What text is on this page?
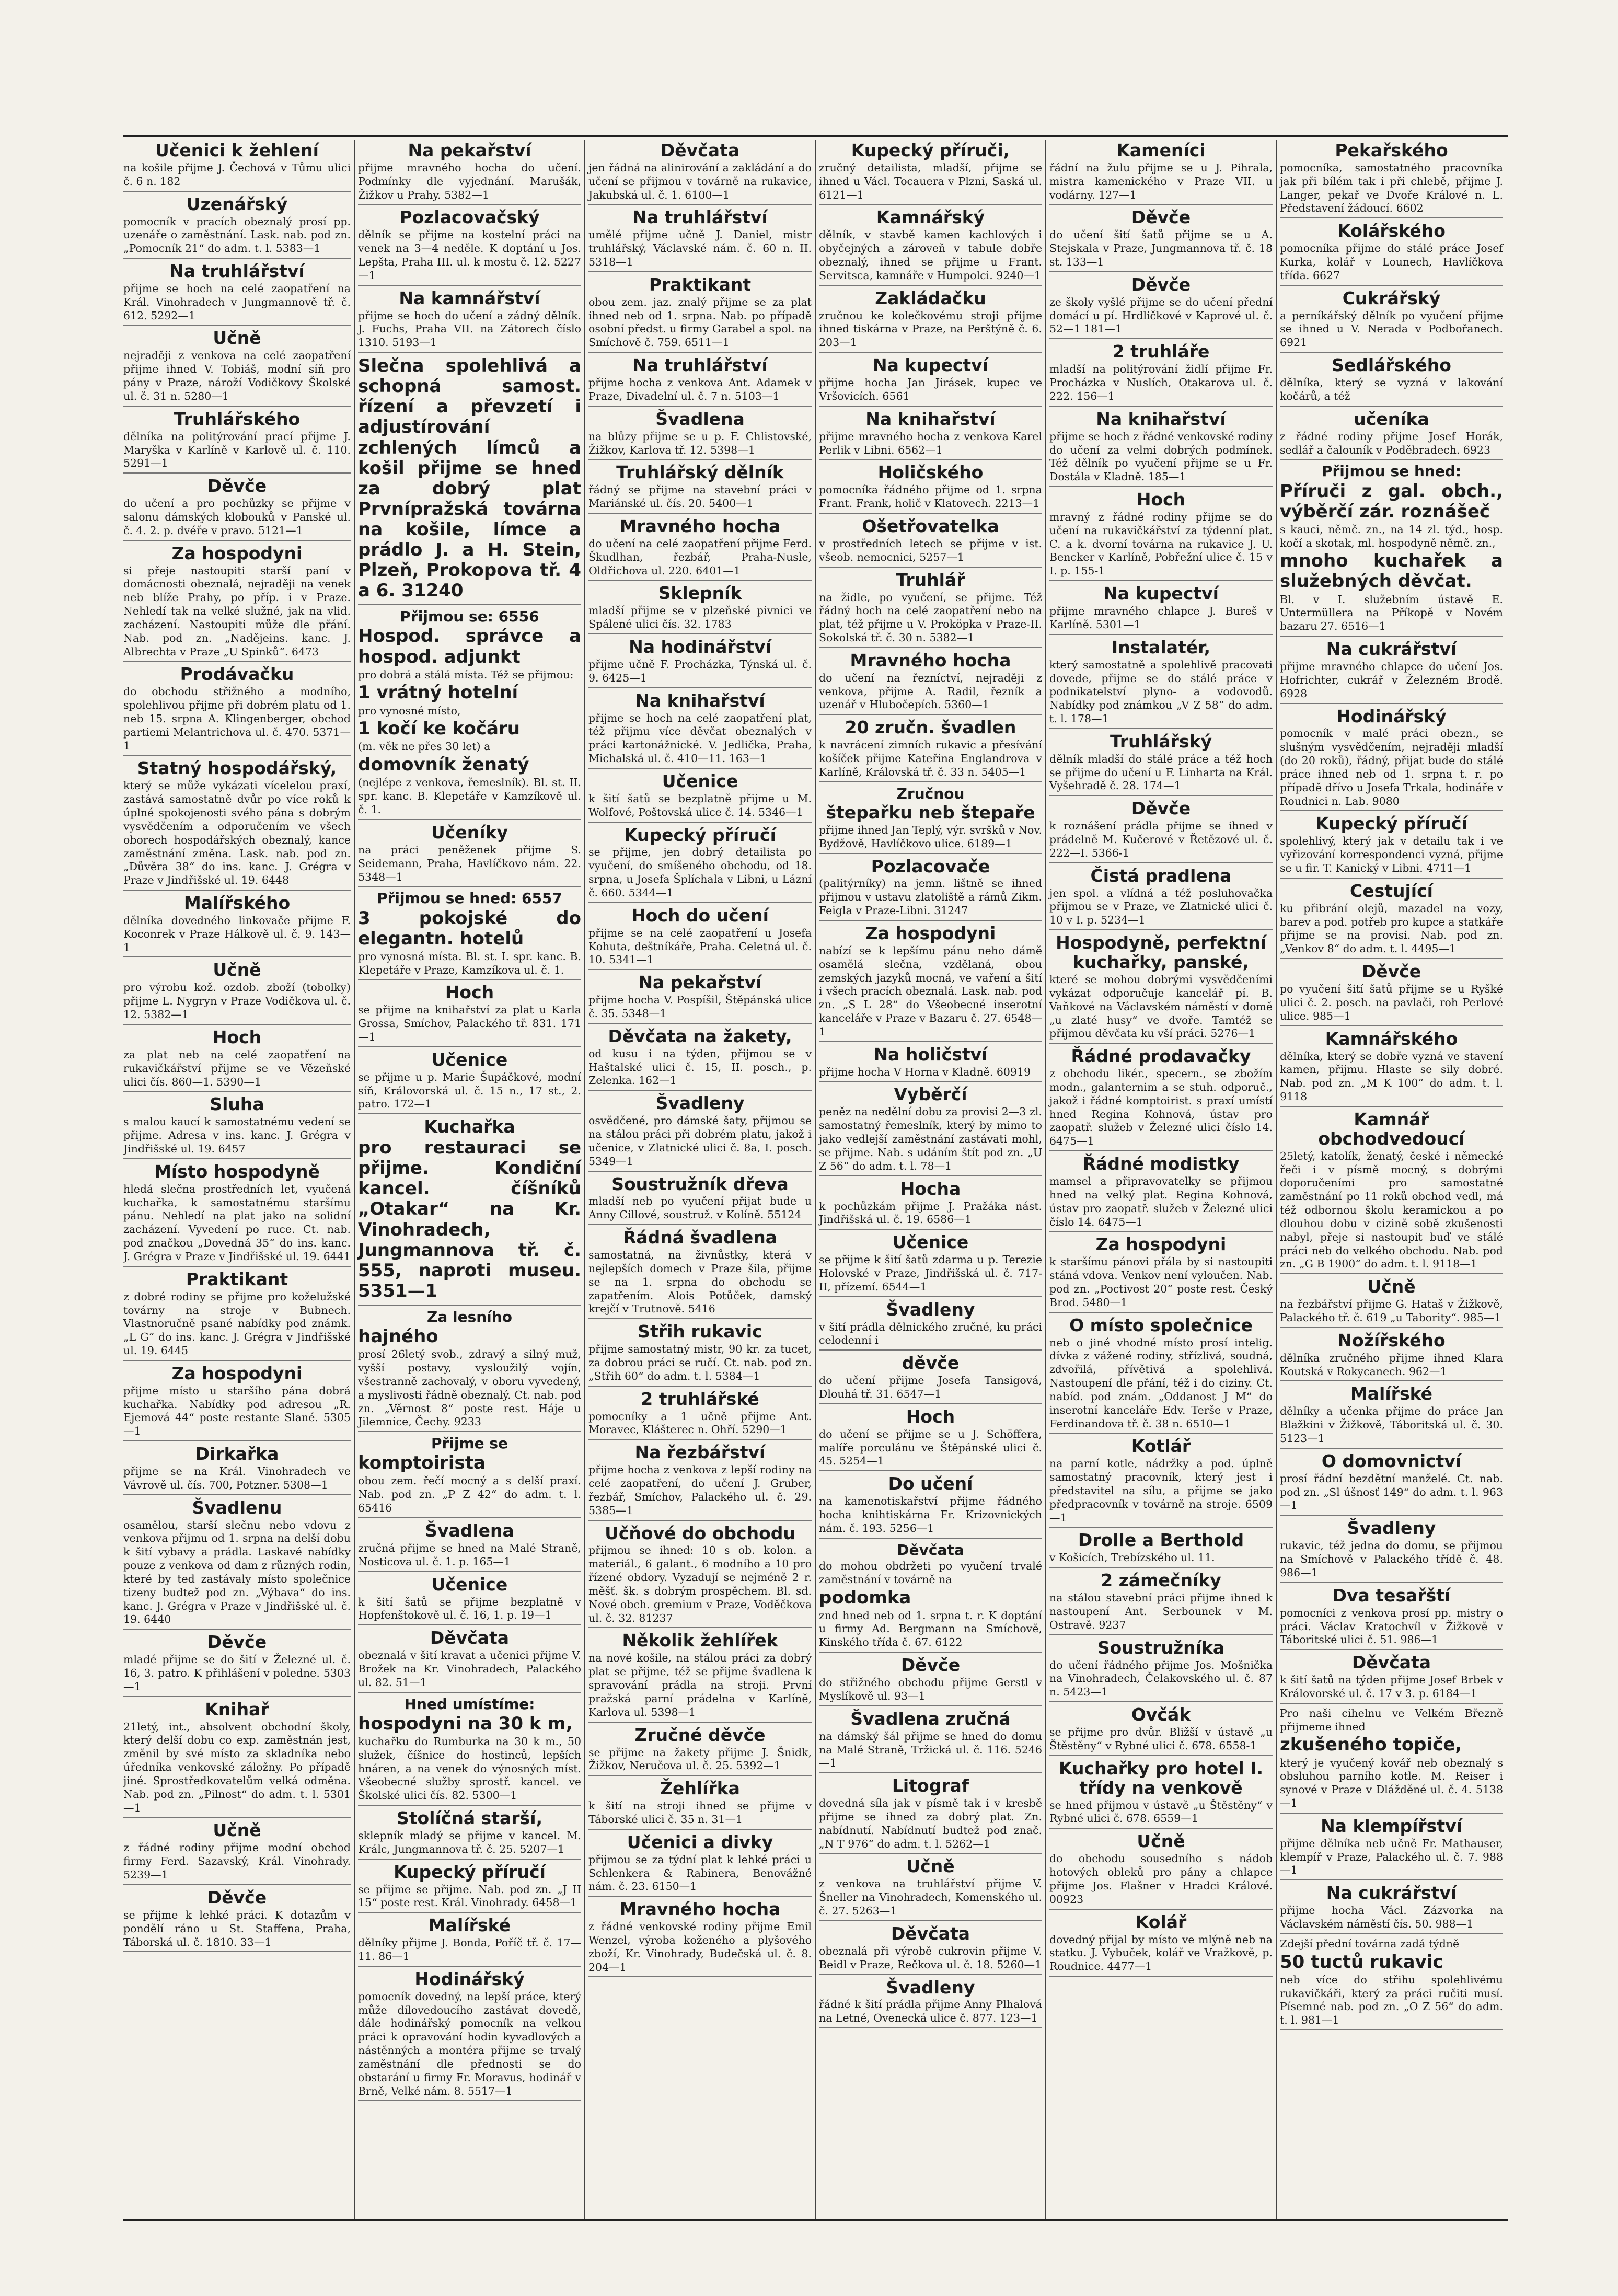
Učenici k žehlení

na košile přijme J. Čechová v Tůmu ulici č. 6 n. 182

Uzenářský

pomocník v pracích obeznalý prosí pp. uzenáře o zaměstnání. Lask. nab. pod zn. „Pomocník 21“ do adm. t. l. 5383—1

Na truhlářství

přijme se hoch na celé zaopatření na Král. Vinohradech v Jungmannově tř. č. 612. 5292—1

Učně

nejraději z venkova na celé zaopatření přijme ihned V. Tobiáš, modní síň pro pány v Praze, nároží Vodičkovy Školské ul. č. 31 n. 5280—1

Truhlářského

dělníka na politýrování prací přijme J. Maryška v Karlíně v Karlově ul. č. 110. 5291—1

Děvče

do učení a pro pochůzky se přijme v salonu dámských klobouků v Panské ul. č. 4. 2. p. dvéře v pravo. 5121—1

Za hospodyni

si přeje nastoupiti starší paní v domácnosti obeznalá, nejraději na venek neb blíže Prahy, po příp. i v Praze. Nehledí tak na velké služné, jak na vlid. zacházení. Nastoupiti může dle přání. Nab. pod zn. „Nadějeins. kanc. J. Albrechta v Praze „U Spinků“. 6473

Prodávačku

do obchodu střižného a modního, spolehlivou přijme při dobrém platu od 1. neb 15. srpna A. Klingenberger, obchod partiemi Melantrichova ul. č. 470. 5371—1

Statný hospodářský,

který se může vykázati vícelelou praxí, zastává samostatně dvůr po více roků k úplné spokojenosti svého pána s dobrým vysvědčením a odporučením ve všech oborech hospodářských obeznalý, kance zaměstnání změna. Lask. nab. pod zn. „Důvěra 38“ do ins. kanc. J. Grégra v Praze v Jindřišské ul. 19. 6448

Malířského

dělníka dovedného linkovače přijme F. Koconrek v Praze Hálkově ul. č. 9. 143—1

Učně

pro výrobu kož. ozdob. zboží (tobolky) přijme L. Nygryn v Praze Vodičkova ul. č. 12. 5382—1

Hoch

za plat neb na celé zaopatření na rukavičkářství přijme se ve Vězeňské ulici čís. 860—1. 5390—1

Sluha

s malou kaucí k samostatnému vedení se přijme. Adresa v ins. kanc. J. Grégra v Jindřišské ul. 19. 6457

Místo hospodyně

hledá slečna prostředních let, vyučená kuchařka, k samostatnému staršímu pánu. Nehledí na plat jako na solidní zacházení. Vyvedení po ruce. Ct. nab. pod značkou „Dovedná 35“ do ins. kanc. J. Grégra v Praze v Jindřišské ul. 19. 6441

Praktikant

z dobré rodiny se přijme pro koželužské továrny na stroje v Bubnech. Vlastnoručně psané nabídky pod známk. „L G“ do ins. kanc. J. Grégra v Jindřišské ul. 19. 6445

Za hospodyni

přijme místo u staršího pána dobrá kuchařka. Nabídky pod adresou „R. Ejemová 44“ poste restante Slané. 5305—1

Dirkařka

přijme se na Král. Vinohradech ve Vávrově ul. čís. 700, Potzner. 5308—1

Švadlenu

osamělou, starší slečnu nebo vdovu z venkova přijmu od 1. srpna na delší dobu k šití vybavy a prádla. Laskavé nabídky pouze z venkova od dam z různých rodin, které by ted zastávaly místo společnice tizeny budtež pod zn. „Výbava“ do ins. kanc. J. Grégra v Praze v Jindřišské ul. č. 19. 6440

Děvče

mladé přijme se do šití v Železné ul. č. 16, 3. patro. K přihlášení v poledne. 5303—1

Knihař

21letý, int., absolvent obchodní školy, který delší dobu co exp. zaměstnán jest, změnil by své místo za skladníka nebo úředníka venkovské záložny. Po případě jiné. Sprostředkovatelům velká odměna. Nab. pod zn. „Pilnost“ do adm. t. l. 5301—1

Učně

z řádné rodiny přijme modní obchod firmy Ferd. Sazavský, Král. Vinohrady. 5239—1

Děvče

se přijme k lehké práci. K dotazům v pondělí ráno u St. Staffena, Praha, Táborská ul. č. 1810. 33—1

Na pekařství

přijme mravného hocha do učení. Podmínky dle vyjednání. Marušák, Žižkov u Prahy. 5382—1

Pozlacovačský

dělník se přijme na kostelní práci na venek na 3—4 neděle. K doptání u Jos. Lepšta, Praha III. ul. k mostu č. 12. 5227—1

Na kamnářství

přijme se hoch do učení a zádný dělník. J. Fuchs, Praha VII. na Zátorech číslo 1310. 5193—1

Slečna spolehlivá a schopná samost. řízení a převzetí i adjustírování zchlených límců a košil přijme se hned za dobrý plat Prvnípražská továrna na košile, límce a prádlo J. a H. Stein, Plzeň, Prokopova tř. 4 a 6. 31240

Přijmou se: 6556

Hospod. správce a hospod. adjunkt

pro dobrá a stálá místa. Též se přijmou:

1 vrátný hotelní

pro vynosné místo,

1 kočí ke kočáru

(m. věk ne přes 30 let) a

domovník ženatý

(nejlépe z venkova, řemeslník). Bl. st. II. spr. kanc. B. Klepetáře v Kamzíkově ul. č. 1.

Učeníky

na práci peněženek přijme S. Seidemann, Praha, Havlíčkovo nám. 22. 5348—1

Přijmou se hned: 6557

3 pokojské do elegantn. hotelů

pro vynosná místa. Bl. st. I. spr. kanc. B. Klepetáře v Praze, Kamzíkova ul. č. 1.

Hoch

se přijme na knihařství za plat u Karla Grossa, Smíchov, Palackého tř. 831. 171—1

Učenice

se přijme u p. Marie Šupáčkové, modní síň, Královorská ul. č. 15 n., 17 st., 2. patro. 172—1

Kuchařka

pro restauraci se přijme. Kondiční kancel. číšníků „Otakar“ na Kr. Vinohradech, Jungmannova tř. č. 555, naproti museu. 5351—1

Za lesního

hajného

prosí 26letý svob., zdravý a silný muž, vyšší postavy, vysloužilý vojín, všestranně zachovalý, v oboru vyvedený, a myslivosti řádně obeznalý. Ct. nab. pod zn. „Věrnost 8“ poste rest. Háje u Jilemnice, Čechy. 9233

Přijme se

komptoiristа

obou zem. řečí mocný a s delší praxí. Nab. pod zn. „P Z 42“ do adm. t. l. 65416

Švadlena

zručná přijme se hned na Malé Straně, Nosticova ul. č. 1. p. 165—1

Učenice

k šití šatů se přijme bezplatně v Hopfenštokově ul. č. 16, 1. p. 19—1

Děvčata

obeznalá v šití kravat a učenici přijme V. Brožek na Kr. Vinohradech, Palackého ul. 82. 51—1

Hned umístíme:

hospodyni na 30 k m,

kuchařku do Rumburka na 30 k m., 50 služek, číšnice do hostinců, lepších hnáren, a na venek do výnosných míst. Všeobecné služby sprostř. kancel. ve Školské ulici čís. 82. 5300—1

Stolíčná starší,

sklepník mladý se přijme v kancel. M. Králc, Jungmannova tř. č. 25. 5207—1

Kupecký příručí

se přijme se přijme. Nab. pod zn. „J II 15“ poste rest. Král. Vinohrady. 6458—1

Malířské

dělníky přijme J. Bonda, Poříč tř. č. 17—11. 86—1

Hodinářský

pomocník dovedný, na lepší práce, který může dílovedoucího zastávat dovedě, dále hodinářský pomocník na velkou práci k opravování hodin kyvadlových a nástěnných a montéra přijme se trvalý zaměstnání dle přednosti se do obstarání u firmy Fr. Moravus, hodinář v Brně, Velké nám. 8. 5517—1

Děvčata

jen řádná na alinirování a zakládání a do učení se přijmou v továrně na rukavice, Jakubská ul. č. 1. 6100—1

Na truhlářství

umělé přijme učně J. Daniel, mistr truhlářský, Václavské nám. č. 60 n. II. 5318—1

Praktikant

obou zem. jaz. znalý přijme se za plat ihned neb od 1. srpna. Nab. po případě osobní předst. u firmy Garabel a spol. na Smíchově č. 759. 6511—1

Na truhlářství

přijme hocha z venkova Ant. Adamek v Praze, Divadelní ul. č. 7 n. 5103—1

Švadlena

na blůzy přijme se u p. F. Chlistovské, Žižkov, Karlova tř. 12. 5398—1

Truhlářský dělník

řádný se přijme na stavební práci v Mariánské ul. čís. 20. 5400—1

Mravného hocha

do učení na celé zaopatření přijme Ferd. Škudlhan, řezbář, Praha-Nusle, Oldřichova ul. 220. 6401—1

Sklepník

mladší přijme se v plzeňské pivnici ve Spálené ulici čís. 32. 1783

Na hodinářství

přijme učně F. Procházka, Týnská ul. č. 9. 6425—1

Na knihařství

přijme se hoch na celé zaopatření plat, též přijmu více děvčat obeznalých v práci kartonážnické. V. Jedlička, Praha, Michalská ul. č. 410—11. 163—1

Učenice

k šití šatů se bezplatně přijme u M. Wolfové, Poštovská ulice č. 14. 5346—1

Kupecký příručí

se přijme, jen dobrý detailista po vyučení, do smíšeného obchodu, od 18. srpna, u Josefa Šplíchala v Libni, u Lázní č. 660. 5344—1

Hoch do učení

přijme se na celé zaopatření u Josefa Kohuta, deštníkáře, Praha. Celetná ul. č. 10. 5341—1

Na pekařství

přijme hocha V. Pospíšil, Štěpánská ulice č. 35. 5348—1

Děvčata na žakety,

od kusu i na týden, přijmou se v Haštalské ulici č. 15, II. posch., p. Zelenka. 162—1

Švadleny

osvědčené, pro dámské šaty, přijmou se na stálou práci při dobrém platu, jakož i učenice, v Zlatnické ulici č. 8a, I. posch. 5349—1

Soustružník dřeva

mladší neb po vyučení přijat bude u Anny Cillové, soustruž. v Kolíně. 55124

Řádná švadlena

samostatná, na živnůstky, která v nejlepších domech v Praze šila, přijme se na 1. srpna do obchodu se zapatřením. Alois Potůček, damský krejčí v Trutnově. 5416

Střih rukavic

přijme samostatný mistr, 90 kr. za tucet, za dobrou práci se ručí. Ct. nab. pod zn. „Střih 60“ do adm. t. l. 5384—1

2 truhlářské

pomocníky a 1 učně přijme Ant. Moravec, Klášterec n. Ohří. 5290—1

Na řezbářství

přijme hocha z venkova z lepší rodiny na celé zaopatření, do učení J. Gruber, řezbář, Smíchov, Palackého ul. č. 29. 5385—1

Učňové do obchodu

přijmou se ihned: 10 s ob. kolon. a materiál., 6 galant., 6 modního a 10 pro řízené obdory. Vyzadují se nejméně 2 r. měšť. šk. s dobrým prospěchem. Bl. sd. Nové obch. gremium v Praze, Voděčkova ul. č. 32. 81237

Několik žehlířek

na nové košile, na stálou práci za dobrý plat se přijme, též se přijme švadlena k spravování prádla na stroji. První pražská parní prádelna v Karlíně, Karlova ul. 5398—1

Zručné děvče

se přijme na žakety přijme J. Šnidk, Žižkov, Neručova ul. č. 25. 5392—1

Žehlířka

k šití na stroji ihned se přijme v Táborské ulici č. 35 n. 31—1

Učenici a divky

přijmou se za týdní plat k lehké práci u Schlenkera & Rabinera, Benovážné nám. č. 23. 6150—1

Mravného hocha

z řádné venkovské rodiny přijme Emil Wenzel, výroba koženého a plyšového zboží, Kr. Vinohrady, Budečská ul. č. 8. 204—1

Kupecký příruči,

zručný detailista, mladší, přijme se ihned u Václ. Tocauera v Plzni, Saská ul. 6121—1

Kamnářský

dělník, v stavbě kamen kachlových i obyčejných a zároveň v tabule dobře obeznalý, ihned se přijme u Frant. Servitsca, kamnáře v Humpolci. 9240—1

Zakládačku

zručnou ke kolečkovému stroji přijme ihned tiskárna v Praze, na Perštýně č. 6. 203—1

Na kupectví

přijme hocha Jan Jirásek, kupec ve Vršovicích. 6561

Na knihařství

přijme mravného hocha z venkova Karel Perlik v Libni. 6562—1

Holičského

pomocníka řádného přijme od 1. srpna Frant. Frank, holič v Klatovech. 2213—1

Ošetřovatelka

v prostředních letech se přijme v ist. všeob. nemocnici, 5257—1

Truhlář

na židle, po vyučení, se přijme. Též řádný hoch na celé zaopatření nebo na plat, též přijme u V. Proköpka v Praze-II. Sokolská tř. č. 30 n. 5382—1

Mravného hocha

do učení na řezníctví, nejraději z venkova, přijme A. Radil, řezník a uzenář v Hlubočepích. 5360—1

20 zručn. švadlen

k navrácení zimních rukavic a přesívání košíček přijme Kateřina Englandrova v Karlíně, Královská tř. č. 33 n. 5405—1

Zručnou

štepařku neb štepaře

přijme ihned Jan Teplý, výr. svršků v Nov. Bydžově, Havlíčkovo ulice. 6189—1

Pozlacovače

(palitýrníky) na jemn. lištně se ihned přijmou v ustavu zlatoliště a rámů Zikm. Feigla v Praze-Libni. 31247

Za hospodyni

nabízí se k lepšímu pánu neho dámě osamělá slečna, vzdělaná, obou zemských jazyků mocná, ve vaření a šití i všech pracích obeznalá. Lask. nab. pod zn. „S L 28“ do Všeobecné inserotní kanceláře v Praze v Bazaru č. 27. 6548—1

Na holičství

přijme hocha V Horna v Kladně. 60919

Vyběrčí

peněz na nedělní dobu za provisi 2—3 zl. samostatný řemeslník, který by mimo to jako vedlejší zaměstnání zastávati mohl, se přijme. Nab. s udáním štít pod zn. „U Z 56“ do adm. t. l. 78—1

Hocha

k pochůzkám přijme J. Pražáka nást. Jindřišská ul. č. 19. 6586—1

Učenice

se přijme k šití šatů zdarma u p. Terezie Holovské v Praze, Jindřišská ul. č. 717-II, přízemí. 6544—1

Švadleny

v šití prádla dělnického zručné, ku práci celodenní i

děvče

do učení přijme Josefa Tansigová, Dlouhá tř. 31. 6547—1

Hoch

do učení se přijme se u J. Schöffera, malíře porculánu ve Štěpánské ulici č. 45. 5254—1

Do učení

na kamenotiskařství přijme řádného hocha knihtiskárna Fr. Krizovnických nám. č. 193. 5256—1

Děvčata

do mohou obdržeti po vyučení trvalé zaměstnání v továrně na

podomka

znd hned neb od 1. srpna t. r. K doptání u firmy Ad. Bergmann na Smíchově, Kinského třída č. 67. 6122

Děvče

do střižného obchodu přijme Gerstl v Myslíkově ul. 93—1

Švadlena zručná

na dámský šál přijme se hned do domu na Malé Straně, Tržická ul. č. 116. 5246—1

Litograf

dovedná síla jak v písmě tak i v kresbě přijme se ihned za dobrý plat. Zn. nabídnutí. Nabídnutí budtež pod znač. „N T 976“ do adm. t. l. 5262—1

Učně

z venkova na truhlářství přijme V. Šneller na Vinohradech, Komenského ul. č. 27. 5263—1

Děvčata

obeznalá při výrobě cukrovin přijme V. Beidl v Praze, Rečkova ul. č. 18. 5260—1

Švadleny

řádné k šití prádla přijme Anny Plhalová na Letné, Ovenecká ulice č. 877. 123—1

Kameníci

řádní na žulu přijme se u J. Pihrala, mistra kamenického v Praze VII. u vodárny. 127—1

Děvče

do učení šití šatů přijme se u A. Stejskala v Praze, Jungmannova tř. č. 18 st. 133—1

Děvče

ze školy vyšlé přijme se do učení přední domácí u pí. Hrdličkové v Kaprové ul. č. 52—1 181—1

2 truhláře

mladší na politýrování židlí přijme Fr. Procházka v Nuslích, Otakarova ul. č. 222. 156—1

Na knihařství

přijme se hoch z řádné venkovské rodiny do učení za velmi dobrých podmínek. Též dělník po vyučení přijme se u Fr. Dostála v Kladně. 185—1

Hoch

mravný z řádné rodiny přijme se do učení na rukavičkářství za týdenní plat. C. a k. dvorní továrna na rukavice J. U. Bencker v Karlíně, Pobřežní ulice č. 15 v I. p. 155-1

Na kupectví

přijme mravného chlapce J. Bureš v Karlíně. 5301—1

Instalatér,

který samostatně a spolehlivě pracovati dovede, přijme se do stálé práce v podnikatelství plyno- a vodovodů. Nabídky pod známkou „V Z 58“ do adm. t. l. 178—1

Truhlářský

dělník mladší do stálé práce a též hoch se přijme do učení u F. Linharta na Král. Vyšehradě č. 28. 174—1

Děvče

k roznášení prádla přijme se ihned v prádelně M. Kučerové v Řetězové ul. č. 222—I. 5366-1

Čistá pradlena

jen spol. a vlídná a též posluhovačka přijmou se v Praze, ve Zlatnické ulici č. 10 v I. p. 5234—1

Hospodyně, perfektní kuchařky, panské,

které se mohou dobrými vysvědčeními vykázat odporučuje kancelář pí. B. Vaňkové na Václavském náměstí v domě „u zlaté husy“ ve dvoře. Tamtéž se přijmou děvčata ku vší práci. 5276—1

Řádné prodavačky

z obchodu likér., specern., se zbožím modn., galanternim a se stuh. odporuč., jakož i řádné komptoirist. s praxí umístí hned Regina Kohnová, ústav pro zaopatř. služeb v Železné ulici číslo 14. 6475—1

Řádné modistky

mamsel a připravovatelky se přijmou hned na velký plat. Regina Kohnová, ústav pro zaopatř. služeb v Železné ulici číslo 14. 6475—1

Za hospodyni

k staršímu pánovi přála by si nastoupiti stáná vdova. Venkov není vyloučen. Nab. pod zn. „Poctivost 20“ poste rest. Český Brod. 5480—1

O místo společnice

neb o jiné vhodné místo prosí intelig. dívka z vážené rodiny, střízlivá, soudná, zdvořilá, přívětivá a spolehlivá. Nastoupení dle přání, též i do ciziny. Ct. nabíd. pod znám. „Oddanost J M“ do inserotní kanceláře Edv. Terše v Praze, Ferdinandova tř. č. 38 n. 6510—1

Kotlář

na parní kotle, nádržky a pod. úplně samostatný pracovník, který jest i představitel na sílu, a přijme se jako předpracovník v továrně na stroje. 6509—1

Drolle a Berthold

v Košicích, Trebízského ul. 11.

2 zámečníky

na stálou stavební práci přijme ihned k nastoupení Ant. Serbounek v M. Ostravě. 9237

Soustružníka

do učení řádného přijme Jos. Mošnička na Vinohradech, Čelakovského ul. č. 87 n. 5423—1

Ovčák

se přijme pro dvůr. Bližší v ústavě „u Štěstěny“ v Rybné ulici č. 678. 6558-1

Kuchařky pro hotel I. třídy na venkově

se hned přijmou v ústavě „u Štěstěny“ v Rybné ulici č. 678. 6559—1

Učně

do obchodu sousedního s nádob hotových obleků pro pány a chlapce přijme Jos. Flašner v Hradci Králové. 00923

Kolář

dovedný přijal by místo ve mlýně neb na statku. J. Vybuček, kolář ve Vražkově, p. Roudnice. 4477—1

Pekařského

pomocníka, samostatného pracovníka jak při bílém tak i při chlebě, přijme J. Langer, pekař ve Dvoře Králové n. L. Představení žádoucí. 6602

Kolářského

pomocníka přijme do stálé práce Josef Kurka, kolář v Lounech, Havlíčkova třída. 6627

Cukrářský

a perníkářský dělník po vyučení přijme se ihned u V. Nerada v Podbořanech. 6921

Sedlářského

dělníka, který se vyzná v lakování kočárů, a též

učeníka

z řádné rodiny přijme Josef Horák, sedlář a čalouník v Poděbradech. 6923

Přijmou se hned:

Příruči z gal. obch., výběrčí zár. roznášeč

s kauci, němč. zn., na 14 zl. týd., hosp. kočí a skotak, ml. hospodyně němč. zn.,

mnoho kuchařek a služebných děvčat.

Bl. v I. služebním ústavě E. Untermüllera na Příkopě v Novém bazaru 27. 6516—1

Na cukrářství

přijme mravného chlapce do učení Jos. Hofrichter, cukrář v Železném Brodě. 6928

Hodinářský

pomocník v malé práci obezn., se slušným vysvědčením, nejraději mladší (do 20 roků), řádný, přijat bude do stálé práce ihned neb od 1. srpna t. r. po případě dřívo u Josefa Trkala, hodináře v Roudnici n. Lab. 9080

Kupecký příručí

spolehlivý, který jak v detailu tak i ve vyřizování korrespondenci vyzná, přijme se u fir. T. Kanický v Libni. 4711—1

Cestující

ku přibrání olejů, mazadel na vozy, barev a pod. potřeb pro kupce a statkáře přijme se na provisi. Nab. pod zn. „Venkov 8“ do adm. t. l. 4495—1

Děvče

po vyučení šití šatů přijme se u Ryšké ulici č. 2. posch. na pavlači, roh Perlové ulice. 985—1

Kamnářského

dělníka, který se dobře vyzná ve stavení kamen, přijmu. Hlaste se sily dobré. Nab. pod zn. „M K 100“ do adm. t. l. 9118

Kamnář obchodvedoucí

25letý, katolík, ženatý, české i německé řeči i v písmě mocný, s dobrými doporučeními pro samostatné zaměstnání po 11 roků obchod vedl, má též odbornou školu keramickou a po dlouhou dobu v cizině sobě zkušenosti nabyl, přeje si nastoupit buď ve stálé práci neb do velkého obchodu. Nab. pod zn. „G B 1900“ do adm. t. l. 9118—1

Učně

na řezbářství přijme G. Hataš v Žižkově, Palackého tř. č. 619 „u Tabority“. 985—1

Nožířského

dělníka zručného přijme ihned Klara Koutská v Rokycanech. 962—1

Malířské

dělníky a učenka přijme do práce Jan Blažkini v Žižkově, Táboritská ul. č. 30. 5123—1

O domovnictví

prosí řádní bezdětní manželé. Ct. nab. pod zn. „Sl úšnosť 149“ do adm. t. l. 963—1

Švadleny

rukavic, též jedna do domu, se přijmou na Smíchově v Palackého třídě č. 48. 986—1

Dva tesařští

pomocníci z venkova prosí pp. mistry o práci. Václav Kratochvíl v Žižkově v Táboritské ulici č. 51. 986—1

Děvčata

k šití šatů na týden přijme Josef Brbek v Královorské ul. č. 17 v 3. p. 6184—1

Pro naši cihelnu ve Velkém Březně přijmeme ihned

zkušeného topiče,

který je vyučený kovář neb obeznalý s obsluhou parního kotle. M. Reiser i synové v Praze v Dlážděné ul. č. 4. 5138—1

Na klempířství

přijme dělníka neb učně Fr. Mathauser, klempíř v Praze, Palackého ul. č. 7. 988—1

Na cukrářství

přijme hocha Václ. Zázvorka na Václavském náměstí čís. 50. 988—1

Zdejší přední továrna zadá týdně

50 tuctů rukavic

neb více do střihu spolehlivému rukavičkáři, který za práci ručiti musí. Písemné nab. pod zn. „O Z 56“ do adm. t. l. 981—1
